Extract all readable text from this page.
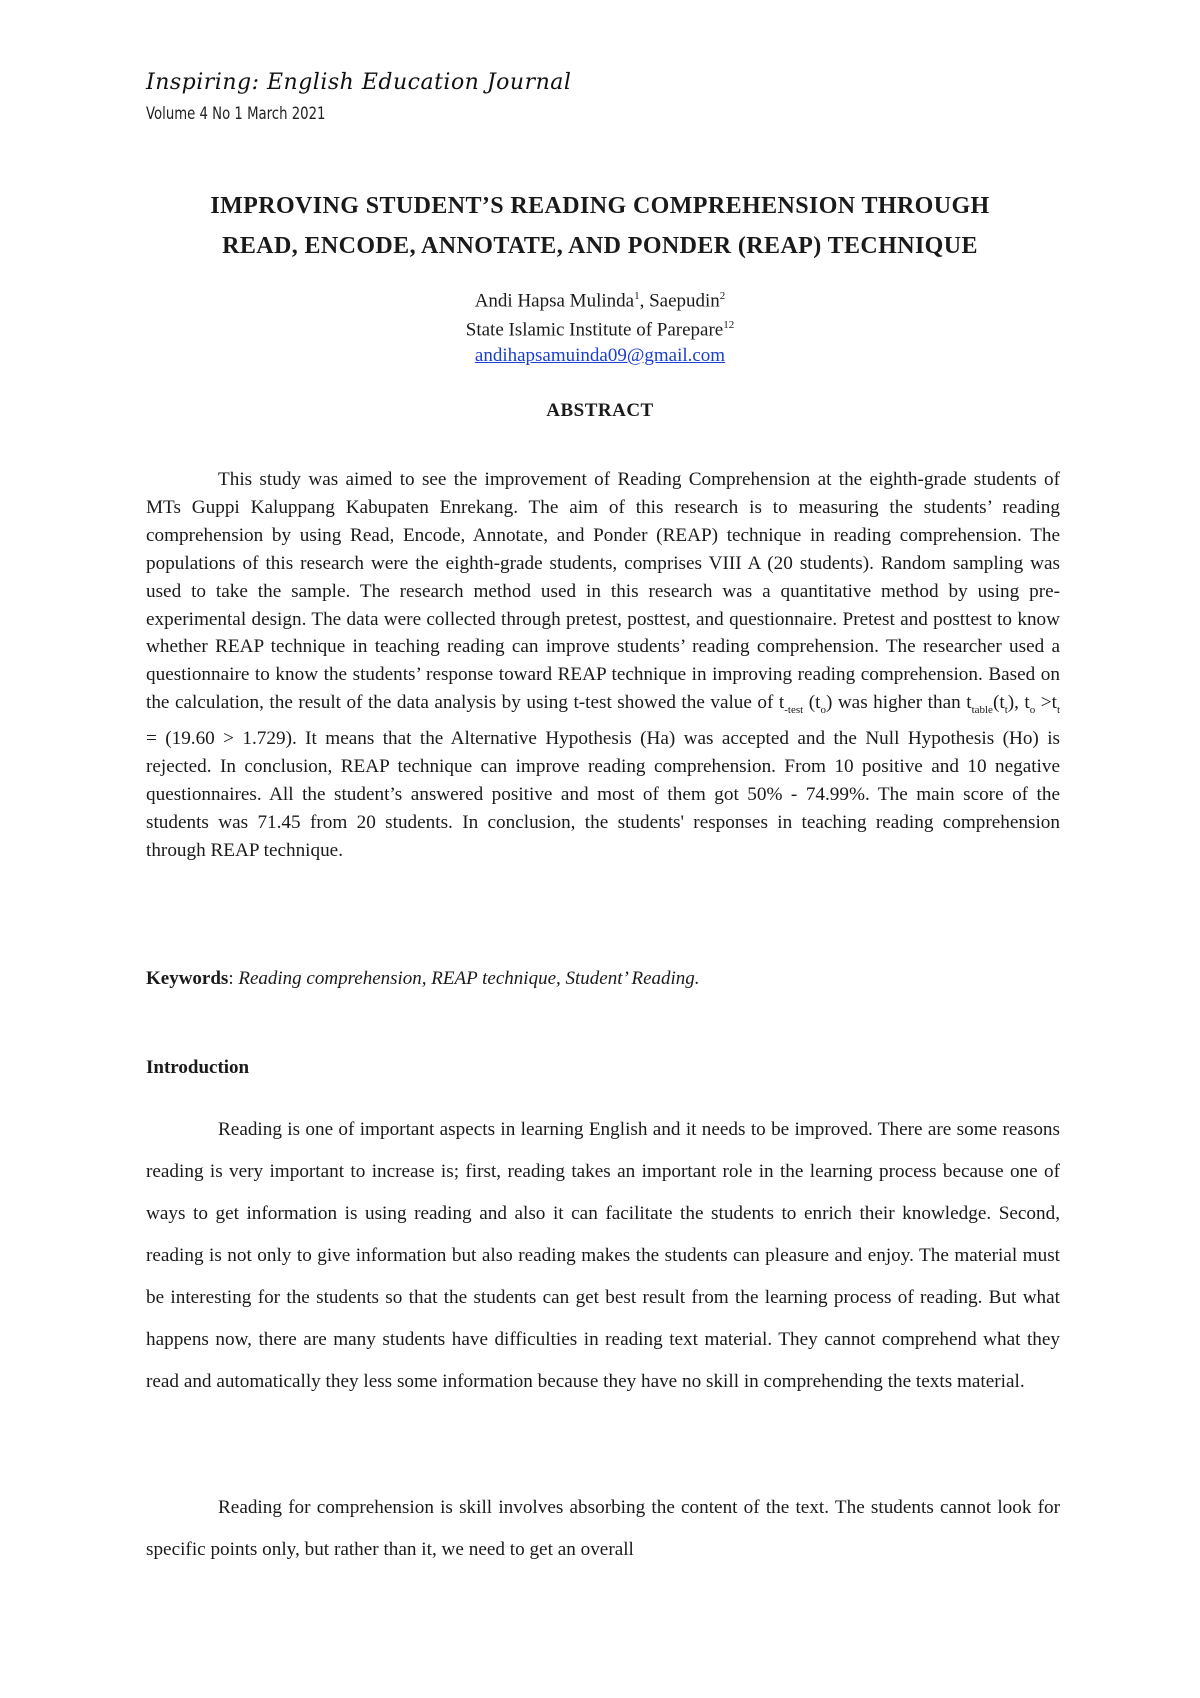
Inspiring: English Education Journal
Volume 4 No 1 March 2021
IMPROVING STUDENT’S READING COMPREHENSION THROUGH
READ, ENCODE, ANNOTATE, AND PONDER (REAP) TECHNIQUE
Andi Hapsa Mulinda$^1$, Saepudin$^2$
State Islamic Institute of Parepare$^{12}$
andihapsamuinda09@gmail.com
ABSTRACT

This study was aimed to see the improvement of Reading Comprehension at the eighth-grade students of MTs Guppi Kaluppang Kabupaten Enrekang. The aim of this research is to measuring the students’ reading comprehension by using Read, Encode, Annotate, and Ponder (REAP) technique in reading comprehension. The populations of this research were the eighth-grade students, comprises VIII A (20 students). Random sampling was used to take the sample. The research method used in this research was a quantitative method by using pre-experimental design. The data were collected through pretest, posttest, and questionnaire. Pretest and posttest to know whether REAP technique in teaching reading can improve students’ reading comprehension. The researcher used a questionnaire to know the students’ response toward REAP technique in improving reading comprehension. Based on the calculation, the result of the data analysis by using t-test showed the value of $t_{-test}$ $(t_o)$ was higher than $t_{table}(t_t)$, $t_o >t_t = (19.60 > 1.729)$. It means that the Alternative Hypothesis (Ha) was accepted and the Null Hypothesis (Ho) is rejected. In conclusion, REAP technique can improve reading comprehension. From 10 positive and 10 negative questionnaires. All the student’s answered positive and most of them got 50% - 74.99%. The main score of the students was 71.45 from 20 students. In conclusion, the students' responses in teaching reading comprehension through REAP technique.

Keywords: Reading comprehension, REAP technique, Student’ Reading.

Introduction

Reading is one of important aspects in learning English and it needs to be improved. There are some reasons reading is very important to increase is; first, reading takes an important role in the learning process because one of ways to get information is using reading and also it can facilitate the students to enrich their knowledge. Second, reading is not only to give information but also reading makes the students can pleasure and enjoy. The material must be interesting for the students so that the students can get best result from the learning process of reading. But what happens now, there are many students have difficulties in reading text material. They cannot comprehend what they read and automatically they less some information because they have no skill in comprehending the texts material.

Reading for comprehension is skill involves absorbing the content of the text. The students cannot look for specific points only, but rather than it, we need to get an overall
